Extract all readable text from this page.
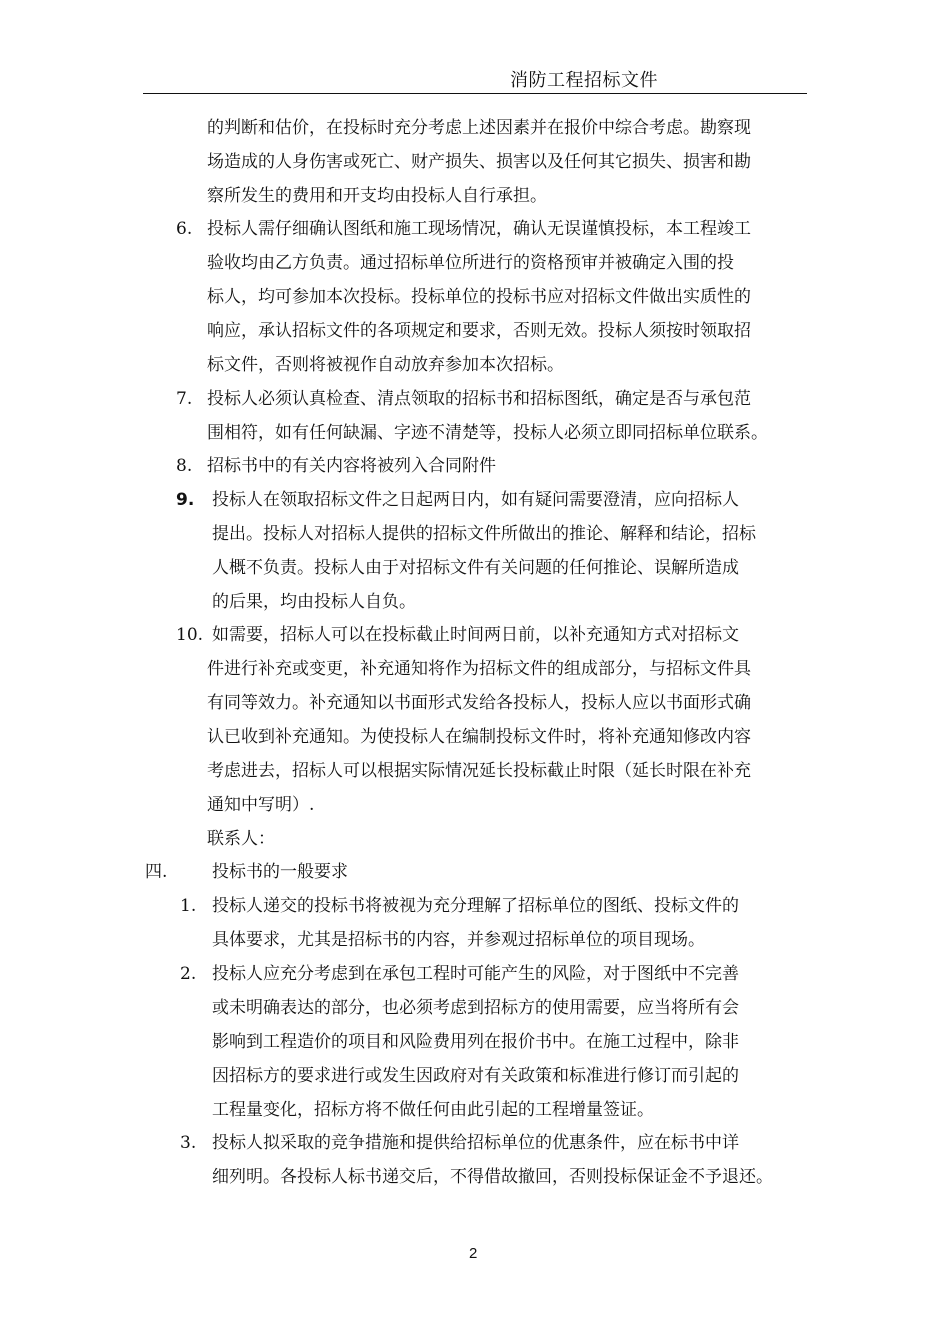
消防工程招标文件
的判断和估价，在投标时充分考虑上述因素并在报价中综合考虑。勘察现
场造成的人身伤害或死亡、财产损失、损害以及任何其它损失、损害和勘
察所发生的费用和开支均由投标人自行承担。
6. 投标人需仔细确认图纸和施工现场情况，确认无误谨慎投标，本工程竣工
验收均由乙方负责。通过招标单位所进行的资格预审并被确定入围的投
标人，均可参加本次投标。投标单位的投标书应对招标文件做出实质性的
响应，承认招标文件的各项规定和要求，否则无效。投标人须按时领取招
标文件，否则将被视作自动放弃参加本次招标。
7. 投标人必须认真检查、清点领取的招标书和招标图纸，确定是否与承包范
围相符，如有任何缺漏、字迹不清楚等，投标人必须立即同招标单位联系。
8. 招标书中的有关内容将被列入合同附件
9. 投标人在领取招标文件之日起两日内，如有疑问需要澄清，应向招标人
提出。投标人对招标人提供的招标文件所做出的推论、解释和结论，招标
人概不负责。投标人由于对招标文件有关问题的任何推论、误解所造成
的后果，均由投标人自负。
10. 如需要，招标人可以在投标截止时间两日前，以补充通知方式对招标文
件进行补充或变更，补充通知将作为招标文件的组成部分，与招标文件具
有同等效力。补充通知以书面形式发给各投标人，投标人应以书面形式确
认已收到补充通知。为使投标人在编制投标文件时，将补充通知修改内容
考虑进去，招标人可以根据实际情况延长投标截止时限（延长时限在补充
通知中写明）.
联系人：
四.	投标书的一般要求
1. 投标人递交的投标书将被视为充分理解了招标单位的图纸、投标文件的
具体要求，尤其是招标书的内容，并参观过招标单位的项目现场。
2. 投标人应充分考虑到在承包工程时可能产生的风险，对于图纸中不完善
或未明确表达的部分，也必须考虑到招标方的使用需要，应当将所有会
影响到工程造价的项目和风险费用列在报价书中。在施工过程中，除非
因招标方的要求进行或发生因政府对有关政策和标准进行修订而引起的
工程量变化，招标方将不做任何由此引起的工程增量签证。
3. 投标人拟采取的竞争措施和提供给招标单位的优惠条件，应在标书中详
细列明。各投标人标书递交后，不得借故撤回，否则投标保证金不予退还。
2
